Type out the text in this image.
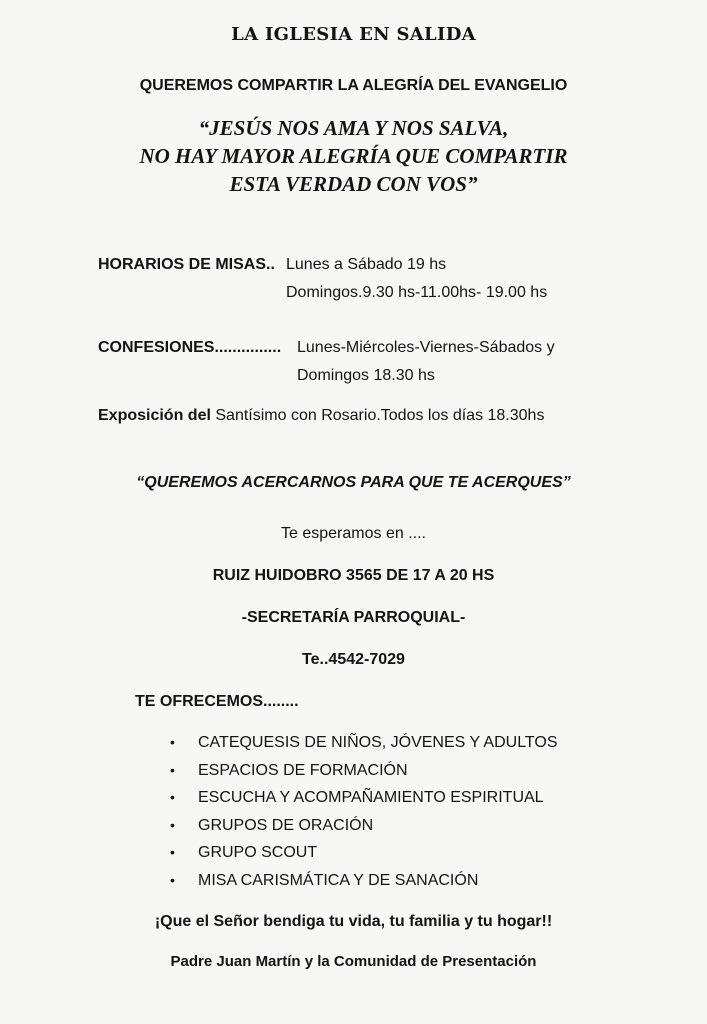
LA IGLESIA EN SALIDA
QUEREMOS COMPARTIR LA ALEGRÍA DEL EVANGELIO
“JESÚS NOS AMA Y NOS SALVA,
NO HAY MAYOR ALEGRÍA QUE COMPARTIR
ESTA VERDAD CON VOS”
HORARIOS DE MISAS.. Lunes a Sábado 19 hs
Domingos.9.30 hs-11.00hs- 19.00 hs
CONFESIONES............... Lunes-Miércoles-Viernes-Sábados y
Domingos 18.30 hs
Exposición del Santísimo con Rosario.Todos los días 18.30hs
“QUEREMOS ACERCARNOS PARA QUE TE ACERQUES”
Te esperamos en ....
RUIZ HUIDOBRO 3565 DE 17 A 20 HS
-SECRETARÍA PARROQUIAL-
Te..4542-7029
TE OFRECEMOS........
• CATEQUESIS DE NIÑOS, JÓVENES Y ADULTOS
• ESPACIOS DE FORMACIÓN
• ESCUCHA Y ACOMPAÑAMIENTO ESPIRITUAL
• GRUPOS DE ORACIÓN
• GRUPO SCOUT
• MISA CARISMÁTICA Y DE SANACIÓN
¡Que el Señor bendiga tu vida, tu familia y tu hogar!!
Padre Juan Martín y la Comunidad de Presentación
